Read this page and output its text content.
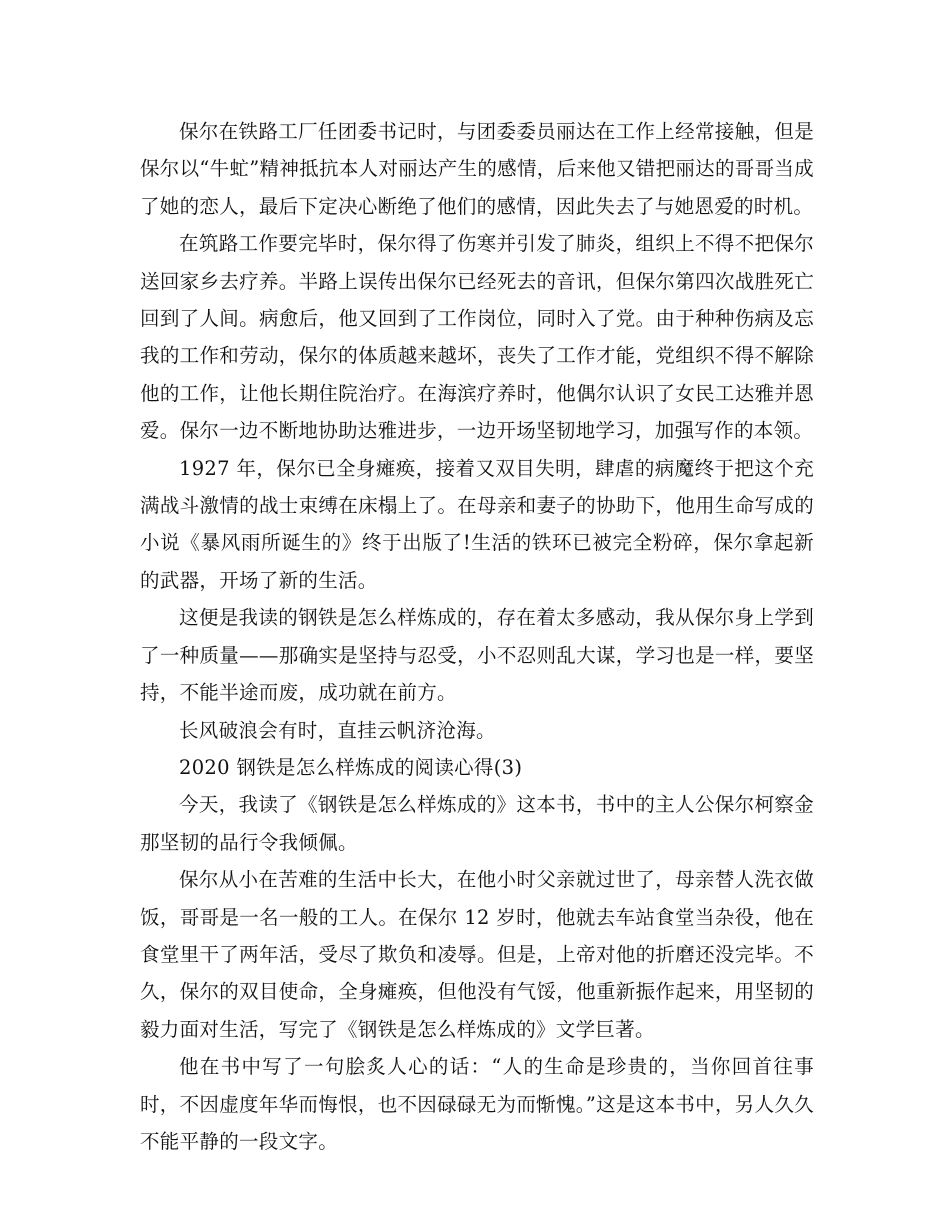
保尔在铁路工厂任团委书记时，与团委委员丽达在工作上经常接触，但是保尔以“牛虻”精神抵抗本人对丽达产生的感情，后来他又错把丽达的哥哥当成了她的恋人，最后下定决心断绝了他们的感情，因此失去了与她恩爱的时机。

在筑路工作要完毕时，保尔得了伤寒并引发了肺炎，组织上不得不把保尔送回家乡去疗养。半路上误传出保尔已经死去的音讯，但保尔第四次战胜死亡回到了人间。病愈后，他又回到了工作岗位，同时入了党。由于种种伤病及忘我的工作和劳动，保尔的体质越来越坏，丧失了工作才能，党组织不得不解除他的工作，让他长期住院治疗。在海滨疗养时，他偶尔认识了女民工达雅并恩爱。保尔一边不断地协助达雅进步，一边开场坚韧地学习，加强写作的本领。

1927 年，保尔已全身瘫痪，接着又双目失明，肆虐的病魔终于把这个充满战斗激情的战士束缚在床榻上了。在母亲和妻子的协助下，他用生命写成的小说《暴风雨所诞生的》终于出版了!生活的铁环已被完全粉碎，保尔拿起新的武器，开场了新的生活。

这便是我读的钢铁是怎么样炼成的，存在着太多感动，我从保尔身上学到了一种质量——那确实是坚持与忍受，小不忍则乱大谋，学习也是一样，要坚持，不能半途而废，成功就在前方。

长风破浪会有时，直挂云帆济沧海。

2020 钢铁是怎么样炼成的阅读心得(3)

今天，我读了《钢铁是怎么样炼成的》这本书，书中的主人公保尔柯察金那坚韧的品行令我倾佩。

保尔从小在苦难的生活中长大，在他小时父亲就过世了，母亲替人洗衣做饭，哥哥是一名一般的工人。在保尔 12 岁时，他就去车站食堂当杂役，他在食堂里干了两年活，受尽了欺负和凌辱。但是，上帝对他的折磨还没完毕。不久，保尔的双目使命，全身瘫痪，但他没有气馁，他重新振作起来，用坚韧的毅力面对生活，写完了《钢铁是怎么样炼成的》文学巨著。

他在书中写了一句脍炙人心的话：“人的生命是珍贵的，当你回首往事时，不因虚度年华而悔恨，也不因碌碌无为而惭愧。”这是这本书中，另人久久不能平静的一段文字。
